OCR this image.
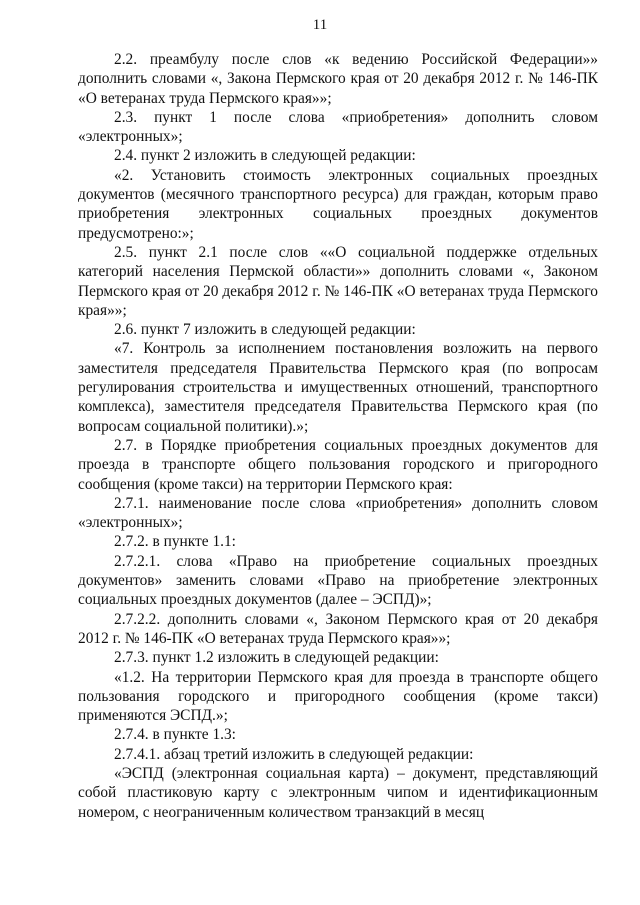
11

2.2. преамбулу после слов «к ведению Российской Федерации»» дополнить словами «, Закона Пермского края от 20 декабря 2012 г. № 146-ПК «О ветеранах труда Пермского края»»;

2.3. пункт 1 после слова «приобретения» дополнить словом «электронных»;

2.4. пункт 2 изложить в следующей редакции:

«2. Установить стоимость электронных социальных проездных документов (месячного транспортного ресурса) для граждан, которым право приобретения электронных социальных проездных документов предусмотрено:»;

2.5. пункт 2.1 после слов ««О социальной поддержке отдельных категорий населения Пермской области»» дополнить словами «, Законом Пермского края от 20 декабря 2012 г. № 146-ПК «О ветеранах труда Пермского края»»;

2.6. пункт 7 изложить в следующей редакции:

«7. Контроль за исполнением постановления возложить на первого заместителя председателя Правительства Пермского края (по вопросам регулирования строительства и имущественных отношений, транспортного комплекса), заместителя председателя Правительства Пермского края (по вопросам социальной политики).»;

2.7. в Порядке приобретения социальных проездных документов для проезда в транспорте общего пользования городского и пригородного сообщения (кроме такси) на территории Пермского края:

2.7.1. наименование после слова «приобретения» дополнить словом «электронных»;

2.7.2. в пункте 1.1:

2.7.2.1. слова «Право на приобретение социальных проездных документов» заменить словами «Право на приобретение электронных социальных проездных документов (далее – ЭСПД)»;

2.7.2.2. дополнить словами «, Законом Пермского края от 20 декабря 2012 г. № 146-ПК «О ветеранах труда Пермского края»»;

2.7.3. пункт 1.2 изложить в следующей редакции:

«1.2. На территории Пермского края для проезда в транспорте общего пользования городского и пригородного сообщения (кроме такси) применяются ЭСПД.»;

2.7.4. в пункте 1.3:

2.7.4.1. абзац третий изложить в следующей редакции:

«ЭСПД (электронная социальная карта) – документ, представляющий собой пластиковую карту с электронным чипом и идентификационным номером, с неограниченным количеством транзакций в месяц
